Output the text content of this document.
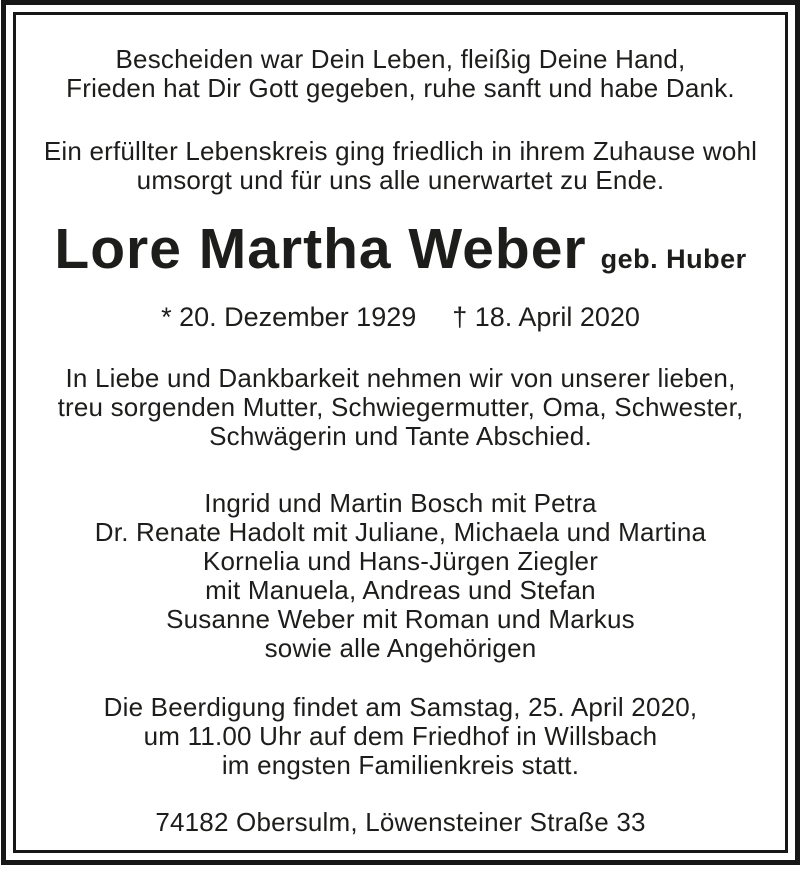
Bescheiden war Dein Leben, fleißig Deine Hand,
Frieden hat Dir Gott gegeben, ruhe sanft und habe Dank.
Ein erfüllter Lebenskreis ging friedlich in ihrem Zuhause wohl
umsorgt und für uns alle unerwartet zu Ende.
Lore Martha Weber geb. Huber
* 20. Dezember 1929 † 18. April 2020
In Liebe und Dankbarkeit nehmen wir von unserer lieben,
treu sorgenden Mutter, Schwiegermutter, Oma, Schwester,
Schwägerin und Tante Abschied.
Ingrid und Martin Bosch mit Petra
Dr. Renate Hadolt mit Juliane, Michaela und Martina
Kornelia und Hans-Jürgen Ziegler
mit Manuela, Andreas und Stefan
Susanne Weber mit Roman und Markus
sowie alle Angehörigen
Die Beerdigung findet am Samstag, 25. April 2020,
um 11.00 Uhr auf dem Friedhof in Willsbach
im engsten Familienkreis statt.
74182 Obersulm, Löwensteiner Straße 33
